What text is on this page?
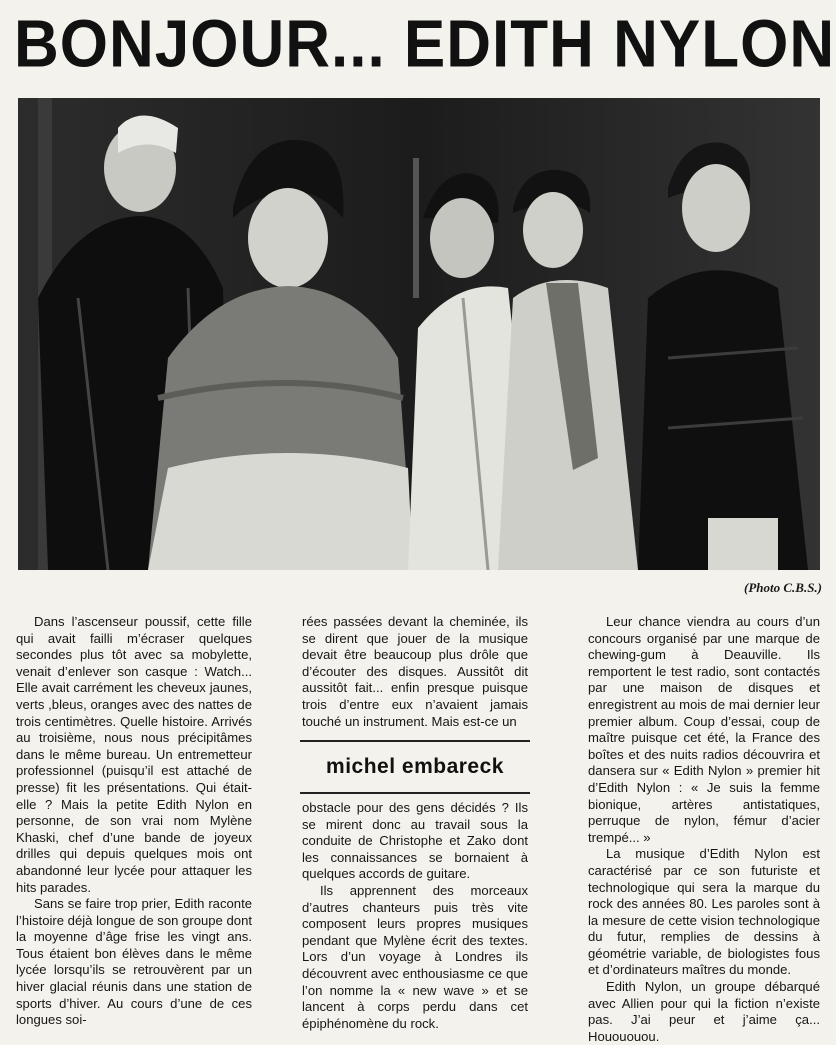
BONJOUR... EDITH NYLON
(Photo C.B.S.)

Dans l’ascenseur poussif, cette fille qui avait failli m’écraser quelques secondes plus tôt avec sa mobylette, venait d’enlever son casque : Watch... Elle avait carrément les cheveux jaunes, verts ,bleus, oranges avec des nattes de trois centimètres. Quelle histoire. Arrivés au troisième, nous nous précipitâmes dans le même bureau. Un entremetteur professionnel (puisqu’il est attaché de presse) fit les présentations. Qui était-elle ? Mais la petite Edith Nylon en personne, de son vrai nom Mylène Khaski, chef d’une bande de joyeux drilles qui depuis quelques mois ont abandonné leur lycée pour attaquer les hits parades.

Sans se faire trop prier, Edith raconte l’histoire déjà longue de son groupe dont la moyenne d’âge frise les vingt ans. Tous étaient bon élèves dans le même lycée lorsqu’ils se retrouvèrent par un hiver glacial réunis dans une station de sports d’hiver. Au cours d’une de ces longues soi-

rées passées devant la cheminée, ils se dirent que jouer de la musique devait être beaucoup plus drôle que d’écouter des disques. Aussitôt dit aussitôt fait... enfin presque puisque trois d’entre eux n’avaient jamais touché un instrument. Mais est-ce un

michel embareck

obstacle pour des gens décidés ? Ils se mirent donc au travail sous la conduite de Christophe et Zako dont les connaissances se bornaient à quelques accords de guitare.

Ils apprennent des morceaux d’autres chanteurs puis très vite composent leurs propres musiques pendant que Mylène écrit des textes. Lors d’un voyage à Londres ils découvrent avec enthousiasme ce que l’on nomme la « new wave » et se lancent à corps perdu dans cet épiphénomène du rock.

Leur chance viendra au cours d’un concours organisé par une marque de chewing-gum à Deauville. Ils remportent le test radio, sont contactés par une maison de disques et enregistrent au mois de mai dernier leur premier album. Coup d’essai, coup de maître puisque cet été, la France des boîtes et des nuits radios découvrira et dansera sur « Edith Nylon » premier hit d’Edith Nylon : « Je suis la femme bionique, artères antistatiques, perruque de nylon, fémur d’acier trempé... »

La musique d’Edith Nylon est caractérisé par ce son futuriste et technologique qui sera la marque du rock des années 80. Les paroles sont à la mesure de cette vision technologique du futur, remplies de dessins à géométrie variable, de biologistes fous et d’ordinateurs maîtres du monde.

Edith Nylon, un groupe débarqué avec Allien pour qui la fiction n’existe pas. J’ai peur et j’aime ça... Houououou.
